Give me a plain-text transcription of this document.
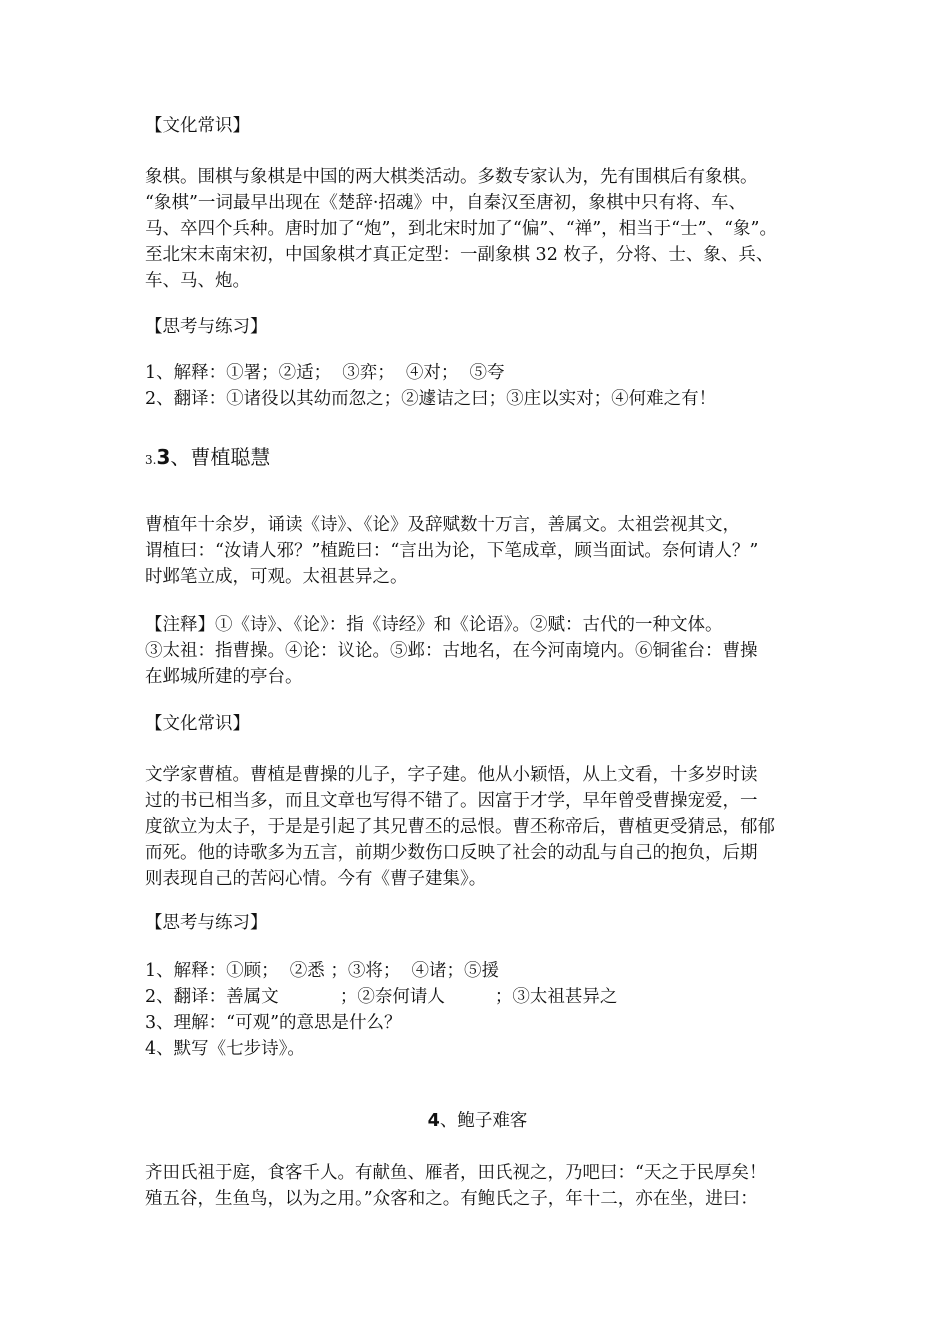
【文化常识】

象棋。围棋与象棋是中国的两大棋类活动。多数专家认为，先有围棋后有象棋。

“象棋”一词最早出现在《楚辞·招魂》中，自秦汉至唐初，象棋中只有将、车、

马、卒四个兵种。唐时加了“炮”，到北宋时加了“偏”、“禅”，相当于“士”、“象”。

至北宋末南宋初，中国象棋才真正定型：一副象棋 32 枚子，分将、士、象、兵、

车、马、炮。

【思考与练习】

1、解释：①署；②适；  ③弈；  ④对；  ⑤夸

2、翻译：①诸役以其幼而忽之；②遽诘之曰；③庄以实对；④何难之有！

3.3、曹植聪慧

曹植年十余岁，诵读《诗》、《论》及辞赋数十万言，善属文。太祖尝视其文，

谓植曰：“汝请人邪？”植跪曰：“言出为论，下笔成章，顾当面试。奈何请人？”

时邺笔立成，可观。太祖甚异之。

【注释】①《诗》、《论》：指《诗经》和《论语》。②赋：古代的一种文体。

③太祖：指曹操。④论：议论。⑤邺：古地名，在今河南境内。⑥铜雀台：曹操

在邺城所建的亭台。

【文化常识】

文学家曹植。曹植是曹操的儿子，字子建。他从小颖悟，从上文看，十多岁时读

过的书已相当多，而且文章也写得不错了。因富于才学，早年曾受曹操宠爱，一

度欲立为太子，于是是引起了其兄曹丕的忌恨。曹丕称帝后，曹植更受猜忌，郁郁

而死。他的诗歌多为五言，前期少数伤口反映了社会的动乱与自己的抱负，后期

则表现自己的苦闷心情。今有《曹子建集》。

【思考与练习】

1、解释：①顾；  ②悉 ；③将；  ④诸；⑤援

2、翻译：善属文           ；②奈何请人         ；③太祖甚异之

3、理解：“可观”的意思是什么？

4、默写《七步诗》。

4、鲍子难客

齐田氏祖于庭，食客千人。有献鱼、雁者，田氏视之，乃吧曰：“天之于民厚矣！

殖五谷，生鱼鸟，以为之用。”众客和之。有鲍氏之子，年十二，亦在坐，进曰：
